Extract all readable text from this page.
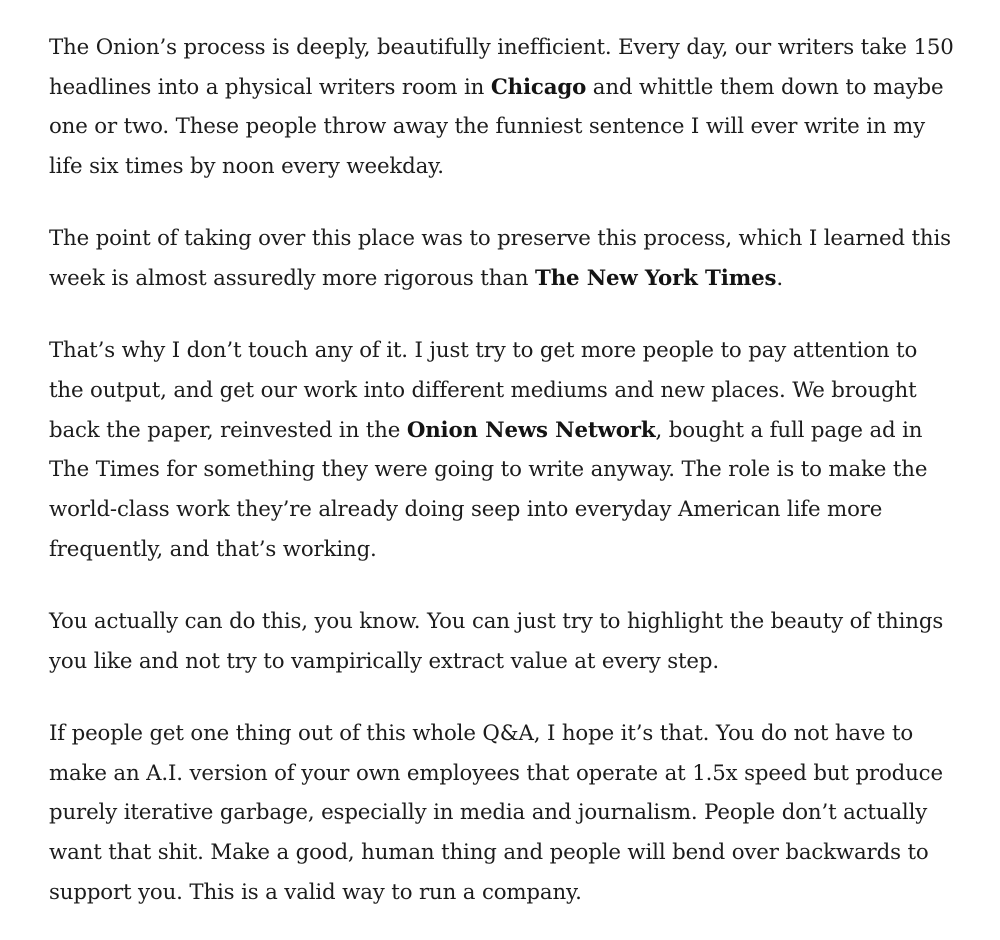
The Onion’s process is deeply, beautifully inefficient. Every day, our writers take 150 headlines into a physical writers room in Chicago and whittle them down to maybe one or two. These people throw away the funniest sentence I will ever write in my life six times by noon every weekday.

The point of taking over this place was to preserve this process, which I learned this week is almost assuredly more rigorous than The New York Times.

That’s why I don’t touch any of it. I just try to get more people to pay attention to the output, and get our work into different mediums and new places. We brought back the paper, reinvested in the Onion News Network, bought a full page ad in The Times for something they were going to write anyway. The role is to make the world-class work they’re already doing seep into everyday American life more frequently, and that’s working.

You actually can do this, you know. You can just try to highlight the beauty of things you like and not try to vampirically extract value at every step.

If people get one thing out of this whole Q&A, I hope it’s that. You do not have to make an A.I. version of your own employees that operate at 1.5x speed but produce purely iterative garbage, especially in media and journalism. People don’t actually want that shit. Make a good, human thing and people will bend over backwards to support you. This is a valid way to run a company.
